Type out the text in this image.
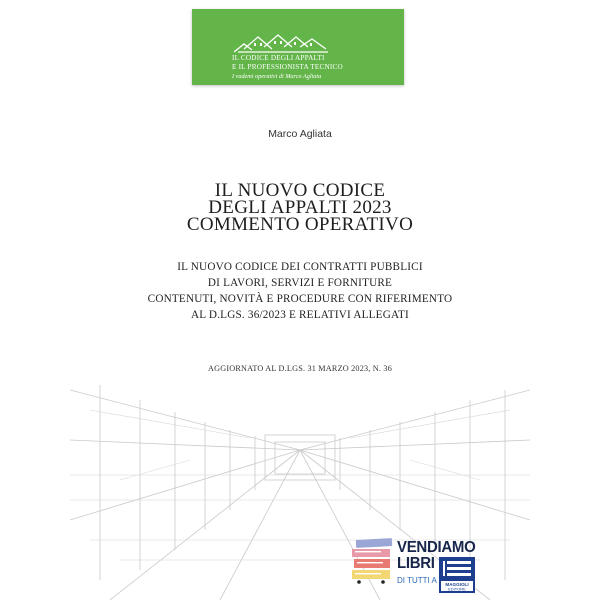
IL CODICE DEGLI APPALTI
E IL PROFESSIONISTA TECNICO
I vademi operativi di Marco Agliata
Marco Agliata
IL NUOVO CODICE
DEGLI APPALTI 2023
COMMENTO OPERATIVO
IL NUOVO CODICE DEI CONTRATTI PUBBLICI
DI LAVORI, SERVIZI E FORNITURE
CONTENUTI, NOVITÀ E PROCEDURE CON RIFERIMENTO
AL D.LGS. 36/2023 E RELATIVI ALLEGATI
AGGIORNATO AL D.LGS. 31 MARZO 2023, N. 36
VENDIAMO
LIBRI
DI TUTTI A MAGGIOLI
EDITORE
